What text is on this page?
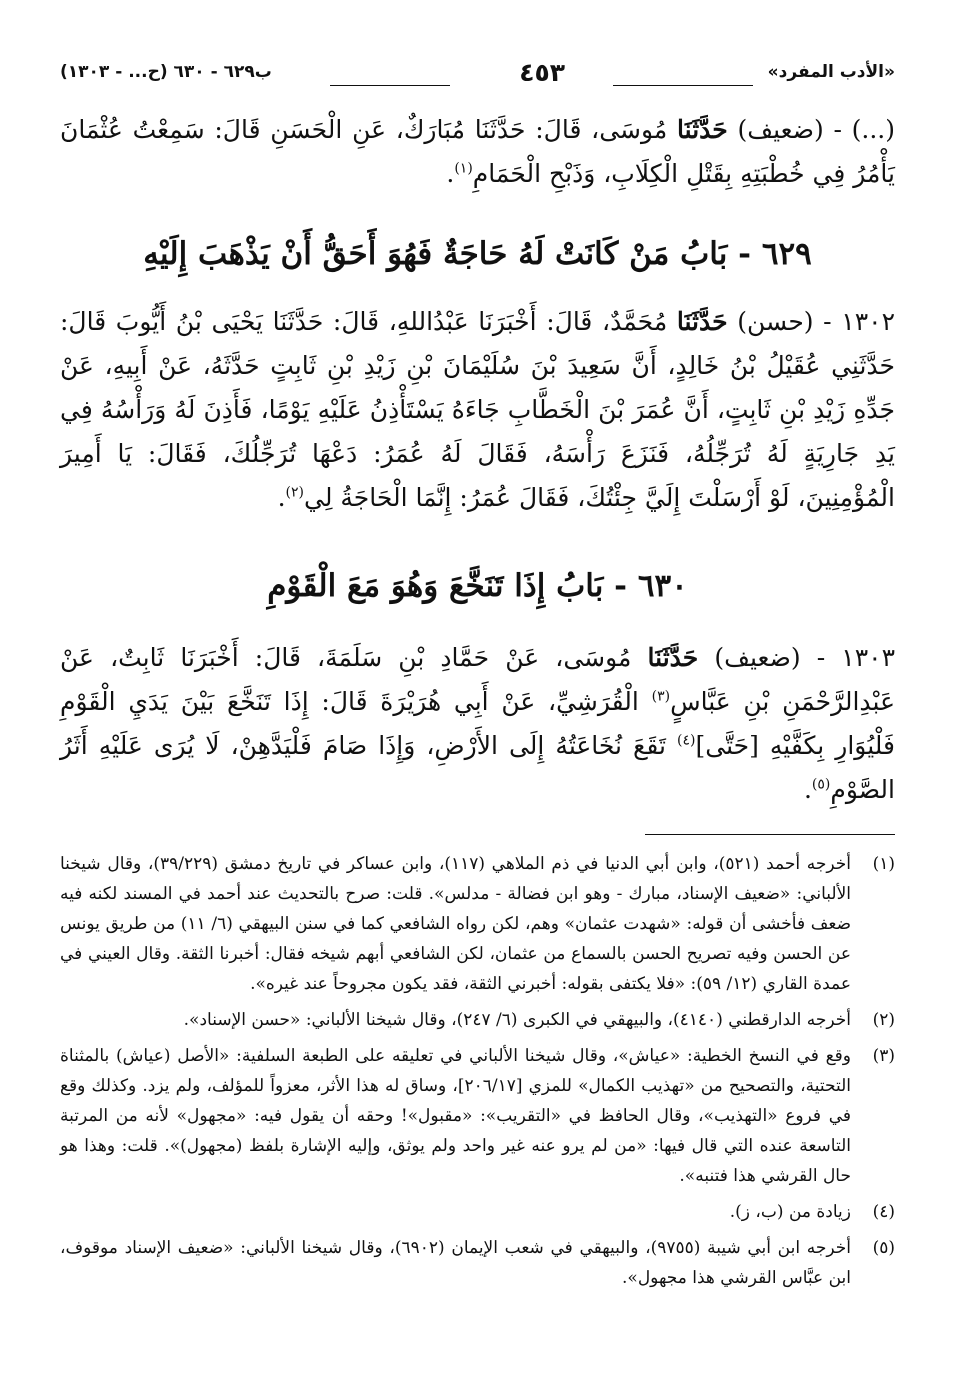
«الأدب المفرد»
٤٥٣
ب٦٢٩ - ٦٣٠ (ح... - ١٣٠٣)

(...) - (ضعيف) حَدَّثَنَا مُوسَى، قَالَ: حَدَّثَنَا مُبَارَكٌ، عَنِ الْحَسَنِ قَالَ: سَمِعْتُ عُثْمَانَ يَأْمُرُ فِي خُطْبَتِهِ بِقَتْلِ الْكِلَابِ، وَذَبْحِ الْحَمَامِ$^{(١)}$.

٦٢٩ - بَابُ مَنْ كَانَتْ لَهُ حَاجَةٌ فَهُوَ أَحَقُّ أَنْ يَذْهَبَ إِلَيْهِ

١٣٠٢ - (حسن) حَدَّثَنَا مُحَمَّدٌ، قَالَ: أَخْبَرَنَا عَبْدُاللهِ، قَالَ: حَدَّثَنَا يَحْيَى بْنُ أَيُّوبَ قَالَ: حَدَّثَنِي عُقَيْلُ بْنُ خَالِدٍ، أَنَّ سَعِيدَ بْنَ سُلَيْمَانَ بْنِ زَيْدِ بْنِ ثَابِتٍ حَدَّثَهُ، عَنْ أَبِيهِ، عَنْ جَدِّهِ زَيْدِ بْنِ ثَابِتٍ، أَنَّ عُمَرَ بْنَ الْخَطَّابِ جَاءَهُ يَسْتَأْذِنُ عَلَيْهِ يَوْمًا، فَأَذِنَ لَهُ وَرَأْسُهُ فِي يَدِ جَارِيَةٍ لَهُ تُرَجِّلُهُ، فَنَزَعَ رَأْسَهُ، فَقَالَ لَهُ عُمَرُ: دَعْهَا تُرَجِّلُكَ، فَقَالَ: يَا أَمِيرَ الْمُؤْمِنِينَ، لَوْ أَرْسَلْتَ إِلَيَّ جِئْتُكَ، فَقَالَ عُمَرُ: إِنَّمَا الْحَاجَةُ لِي$^{(٢)}$.

٦٣٠ - بَابُ إِذَا تَنَخَّعَ وَهُوَ مَعَ الْقَوْمِ

١٣٠٣ - (ضعيف) حَدَّثَنَا مُوسَى، عَنْ حَمَّادِ بْنِ سَلَمَةَ، قَالَ: أَخْبَرَنَا ثَابِتٌ، عَنْ عَبْدِالرَّحْمَنِ بْنِ عَبَّاسٍ$^{(٣)}$ الْقُرَشِيِّ، عَنْ أَبِي هُرَيْرَةَ قَالَ: إِذَا تَنَخَّعَ بَيْنَ يَدَيِ الْقَوْمِ فَلْيُوَارِ بِكَفَّيْهِ [حَتَّى]$^{(٤)}$ تَقَعَ نُخَاعَتُهُ إِلَى الأَرْضِ، وَإِذَا صَامَ فَلْيَدَّهِنْ، لَا يُرَى عَلَيْهِ أَثَرُ الصَّوْمِ$^{(٥)}$.

(١)
أخرجه أحمد (٥٢١)، وابن أبي الدنيا في ذم الملاهي (١١٧)، وابن عساكر في تاريخ دمشق (٣٩/٢٢٩)، وقال شيخنا الألباني: «ضعيف الإسناد، مبارك - وهو ابن فضالة - مدلس». قلت: صرح بالتحديث عند أحمد في المسند لكنه فيه ضعف فأخشى أن قوله: «شهدت عثمان» وهم، لكن رواه الشافعي كما في سنن البيهقي (٦/ ١١) من طريق يونس عن الحسن وفيه تصريح الحسن بالسماع من عثمان، لكن الشافعي أبهم شيخه فقال: أخبرنا الثقة. وقال العيني في عمدة القاري (١٢/ ٥٩): «فلا يكتفى بقوله: أخبرني الثقة، فقد يكون مجروحاً عند غيره».
(٢)
أخرجه الدارقطني (٤١٤٠)، والبيهقي في الكبرى (٦/ ٢٤٧)، وقال شيخنا الألباني: «حسن الإسناد».
(٣)
وقع في النسخ الخطية: «عياش»، وقال شيخنا الألباني في تعليقه على الطبعة السلفية: «الأصل (عياش) بالمثناة التحتية، والتصحيح من «تهذيب الكمال» للمزي [٢٠٦/١٧]، وساق له هذا الأثر، معزواً للمؤلف، ولم يزد. وكذلك وقع في فروع «التهذيب»، وقال الحافظ في «التقريب»: «مقبول»! وحقه أن يقول فيه: «مجهول» لأنه من المرتبة التاسعة عنده التي قال فيها: «من لم يرو عنه غير واحد ولم يوثق، وإليه الإشارة بلفظ (مجهول)». قلت: وهذا هو حال القرشي هذا فتنبه».
(٤)
زيادة من (ب، ز).
(٥)
أخرجه ابن أبي شيبة (٩٧٥٥)، والبيهقي في شعب الإيمان (٦٩٠٢)، وقال شيخنا الألباني: «ضعيف الإسناد موقوف، ابن عبَّاس القرشي هذا مجهول».
